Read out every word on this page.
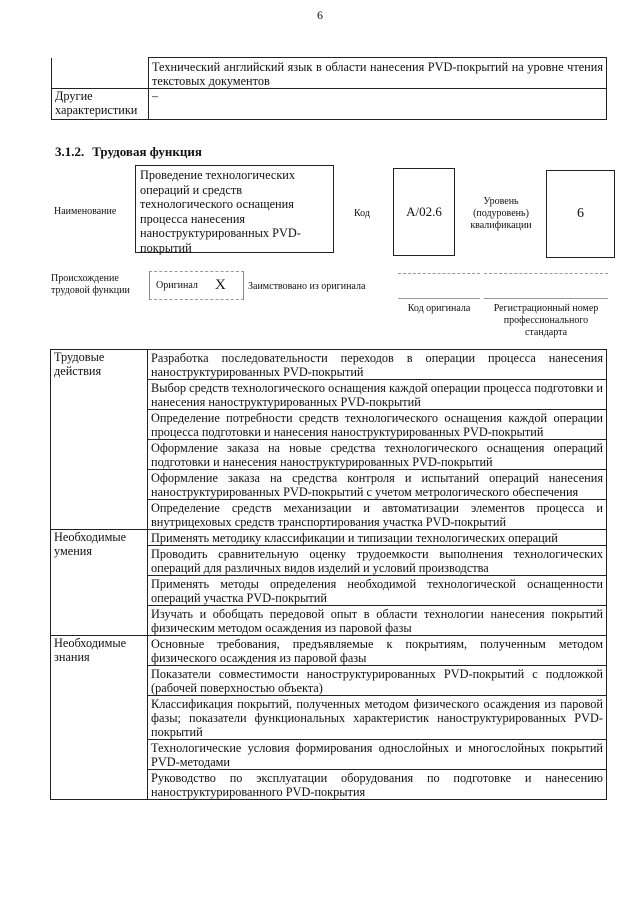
6
	Технический английский язык в области нанесения PVD-покрытий на уровне чтения текстовых документов
Другие характеристики	–
3.1.2. Трудовая функция
Наименование
Проведение технологических операций и средств технологического оснащения процесса нанесения наноструктурированных PVD-покрытий
Код	А/02.6
Уровень (подуровень) квалификации
6
Происхождение трудовой функции	Оригинал X Заимствовано из оригинала
Код оригинала	Регистрационный номер профессионального стандарта
Трудовые действия	Разработка последовательности переходов в операции процесса нанесения наноструктурированных PVD-покрытий
	Выбор средств технологического оснащения каждой операции процесса подготовки и нанесения наноструктурированных PVD-покрытий
	Определение потребности средств технологического оснащения каждой операции процесса подготовки и нанесения наноструктурированных PVD-покрытий
	Оформление заказа на новые средства технологического оснащения операций подготовки и нанесения наноструктурированных PVD-покрытий
	Оформление заказа на средства контроля и испытаний операций нанесения наноструктурированных PVD-покрытий с учетом метрологического обеспечения
	Определение средств механизации и автоматизации элементов процесса и внутрицеховых средств транспортирования участка PVD-покрытий
Необходимые умения	Применять методику классификации и типизации технологических операций
	Проводить сравнительную оценку трудоемкости выполнения технологических операций для различных видов изделий и условий производства
	Применять методы определения необходимой технологической оснащенности операций участка PVD-покрытий
	Изучать и обобщать передовой опыт в области технологии нанесения покрытий физическим методом осаждения из паровой фазы
Необходимые знания	Основные требования, предъявляемые к покрытиям, полученным методом физического осаждения из паровой фазы
	Показатели совместимости наноструктурированных PVD-покрытий с подложкой (рабочей поверхностью объекта)
	Классификация покрытий, полученных методом физического осаждения из паровой фазы; показатели функциональных характеристик наноструктурированных PVD-покрытий
	Технологические условия формирования однослойных и многослойных покрытий PVD-методами
	Руководство по эксплуатации оборудования по подготовке и нанесению наноструктурированного PVD-покрытия
